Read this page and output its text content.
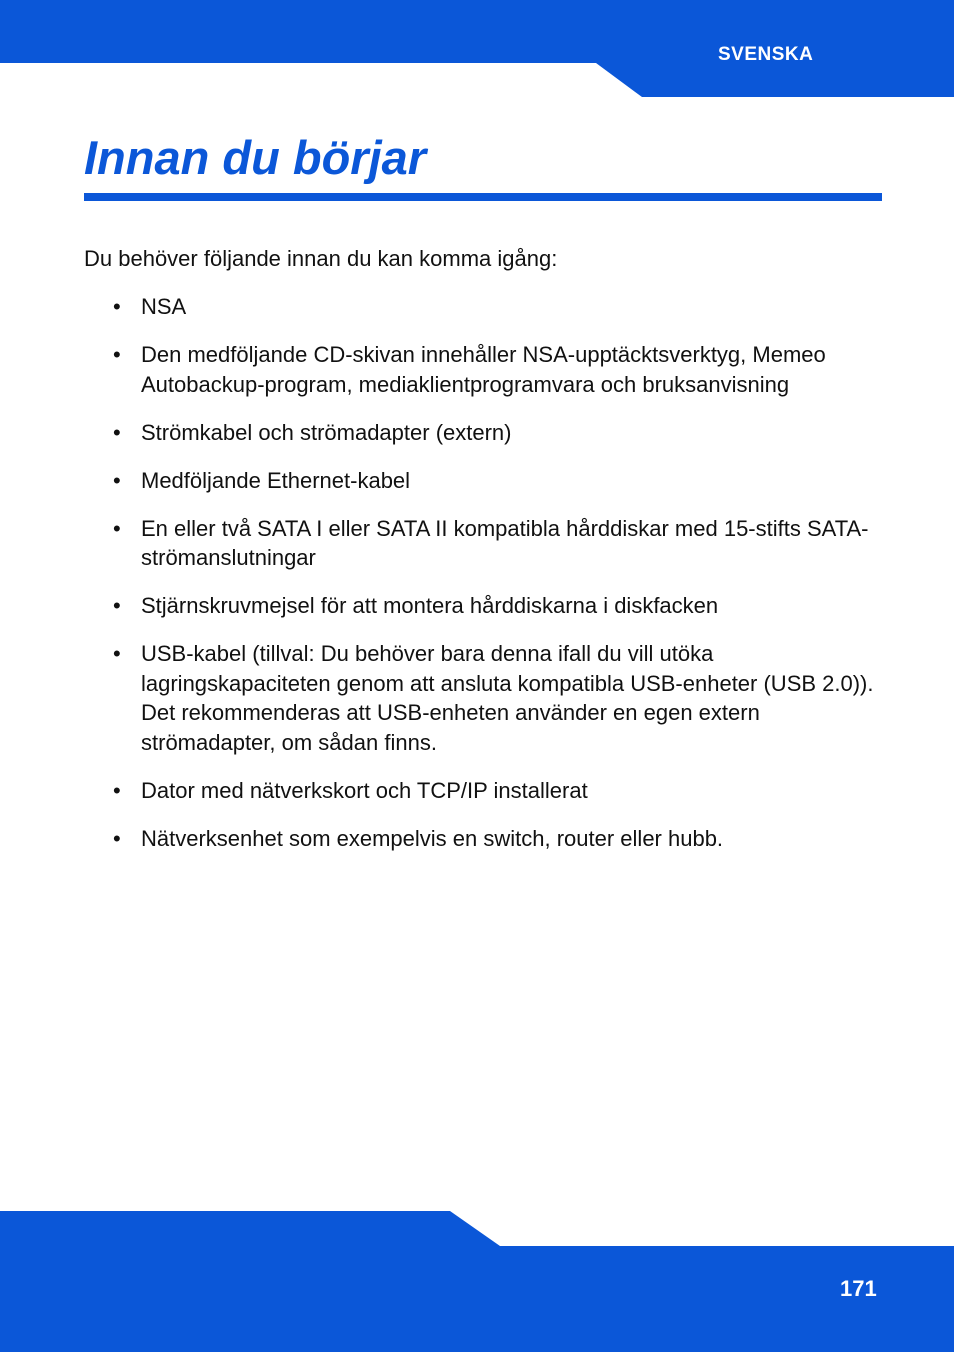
SVENSKA
Innan du börjar

Du behöver följande innan du kan komma igång:

• NSA
• Den medföljande CD-skivan innehåller NSA-upptäcktsverktyg, Memeo Autobackup-program, mediaklientprogramvara och bruksanvisning
• Strömkabel och strömadapter (extern)
• Medföljande Ethernet-kabel
• En eller två SATA I eller SATA II kompatibla hårddiskar med 15-stifts SATA-strömanslutningar
• Stjärnskruvmejsel för att montera hårddiskarna i diskfacken
• USB-kabel (tillval: Du behöver bara denna ifall du vill utöka lagringskapaciteten genom att ansluta kompatibla USB-enheter (USB 2.0)). Det rekommenderas att USB-enheten använder en egen extern strömadapter, om sådan finns.
• Dator med nätverkskort och TCP/IP installerat
• Nätverksenhet som exempelvis en switch, router eller hubb.
171
